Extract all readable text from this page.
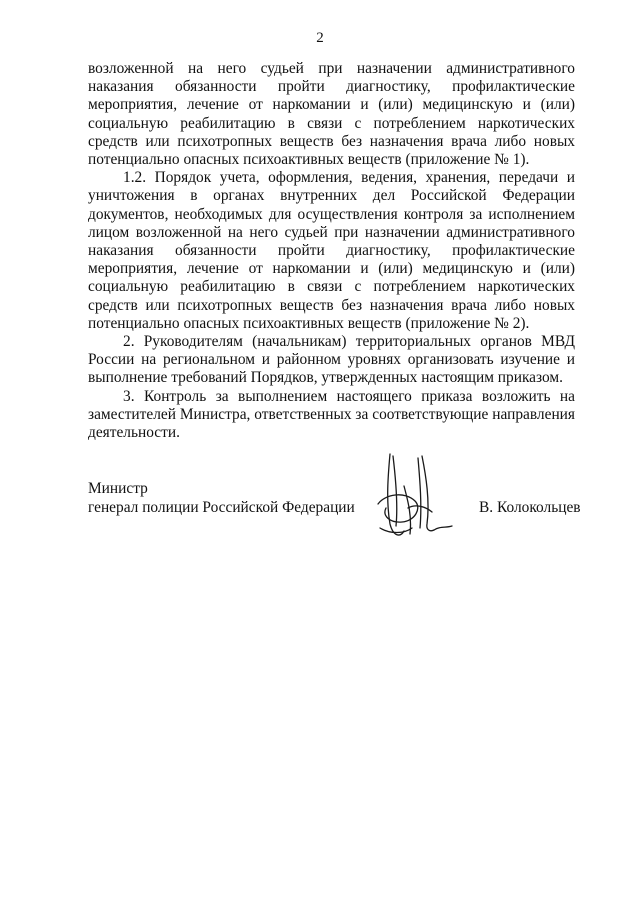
2

возложенной на него судьей при назначении административного наказания обязанности пройти диагностику, профилактические мероприятия, лечение от наркомании и (или) медицинскую и (или) социальную реабилитацию в связи с потреблением наркотических средств или психотропных веществ без назначения врача либо новых потенциально опасных психоактивных веществ (приложение № 1).

1.2. Порядок учета, оформления, ведения, хранения, передачи и уничтожения в органах внутренних дел Российской Федерации документов, необходимых для осуществления контроля за исполнением лицом возложенной на него судьей при назначении административного наказания обязанности пройти диагностику, профилактические мероприятия, лечение от наркомании и (или) медицинскую и (или) социальную реабилитацию в связи с потреблением наркотических средств или психотропных веществ без назначения врача либо новых потенциально опасных психоактивных веществ (приложение № 2).

2. Руководителям (начальникам) территориальных органов МВД России на региональном и районном уровнях организовать изучение и выполнение требований Порядков, утвержденных настоящим приказом.

3. Контроль за выполнением настоящего приказа возложить на заместителей Министра, ответственных за соответствующие направления деятельности.

Министр
генерал полиции Российской Федерации	В. Колокольцев
